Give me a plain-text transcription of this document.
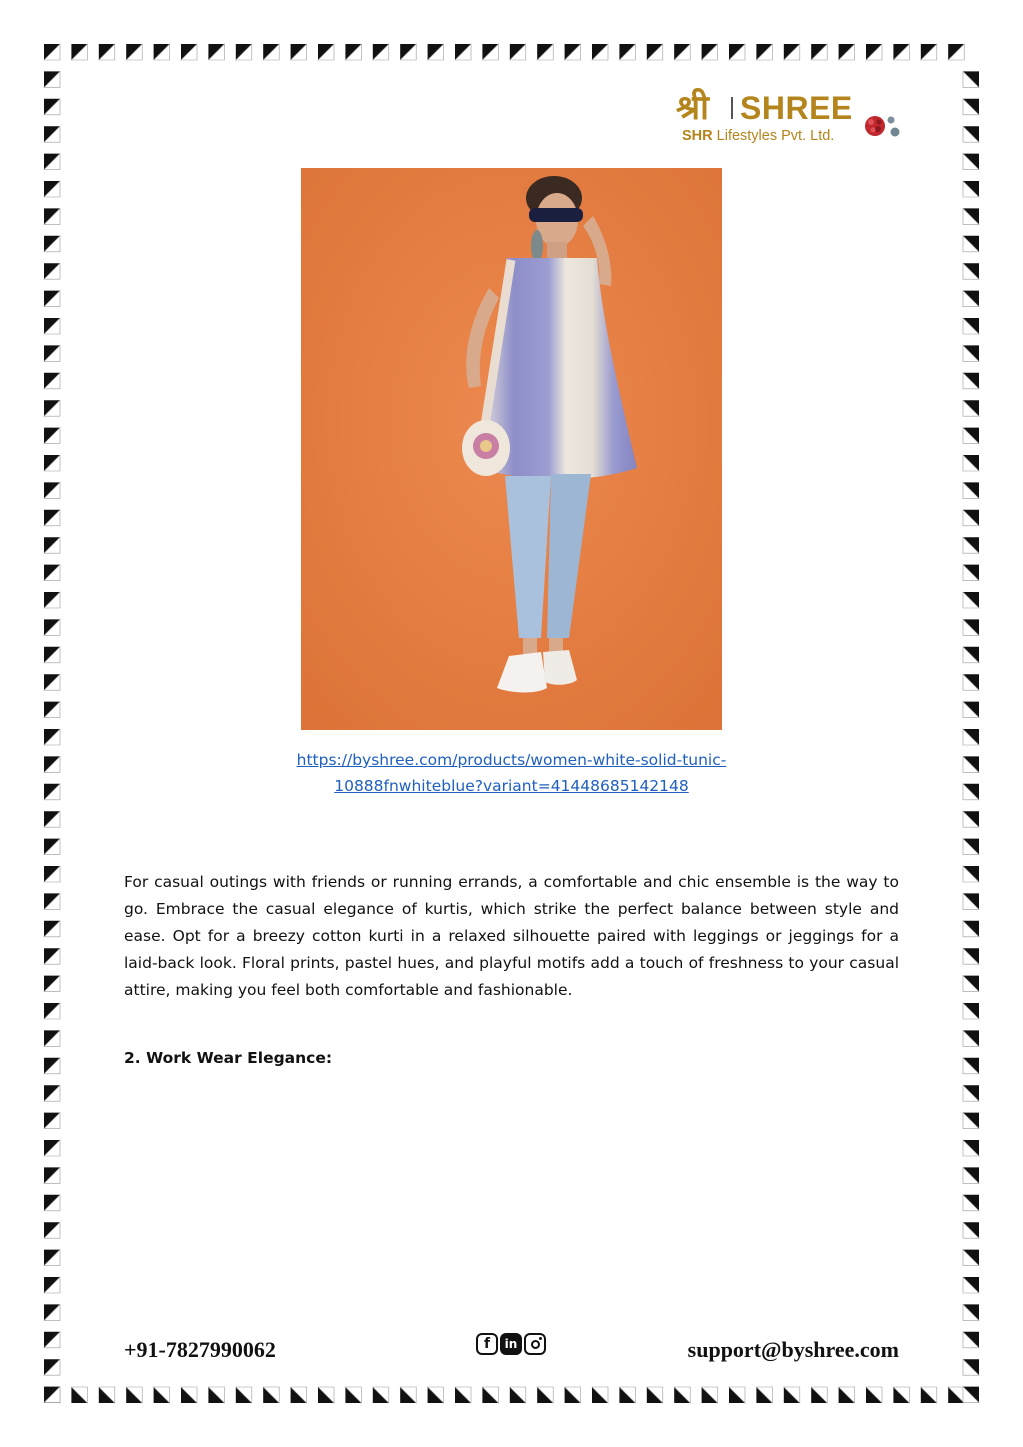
श्री SHREE
SHR Lifestyles Pvt. Ltd.
https://byshree.com/products/women-white-solid-tunic-
10888fnwhiteblue?variant=41448685142148

For casual outings with friends or running errands, a comfortable and chic ensemble is the way to go. Embrace the casual elegance of kurtis, which strike the perfect balance between style and ease. Opt for a breezy cotton kurti in a relaxed silhouette paired with leggings or jeggings for a laid-back look. Floral prints, pastel hues, and playful motifs add a touch of freshness to your casual attire, making you feel both comfortable and fashionable.

2. Work Wear Elegance:
+91-7827990062	f	in	support@byshree.com
